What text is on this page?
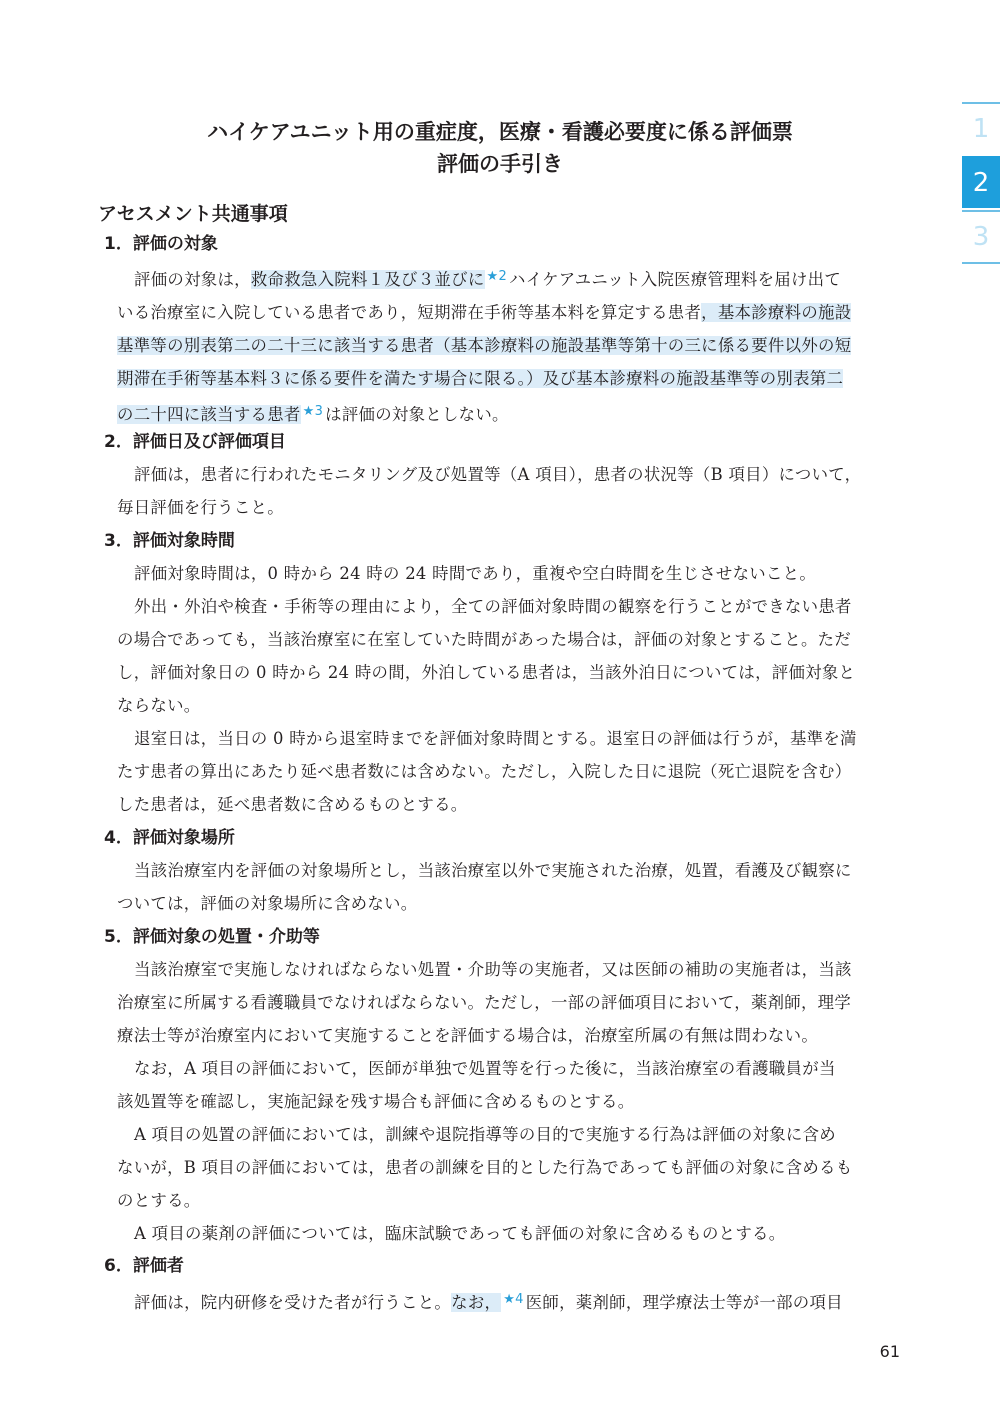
1
2
3
ハイケアユニット用の重症度，医療・看護必要度に係る評価票
評価の手引き
アセスメント共通事項
1．評価の対象
評価の対象は，救命救急入院料１及び３並びに $^{★2}$ ハイケアユニット入院医療管理料を届け出て
いる治療室に入院している患者であり，短期滞在手術等基本料を算定する患者，基本診療料の施設
基準等の別表第二の二十三に該当する患者（基本診療料の施設基準等第十の三に係る要件以外の短
期滞在手術等基本料３に係る要件を満たす場合に限る。）及び基本診療料の施設基準等の別表第二
の二十四に該当する患者 $^{★3}$ は評価の対象としない。
2．評価日及び評価項目
評価は，患者に行われたモニタリング及び処置等（A 項目），患者の状況等（B 項目）について，
毎日評価を行うこと。
3．評価対象時間
評価対象時間は，0 時から 24 時の 24 時間であり，重複や空白時間を生じさせないこと。
外出・外泊や検査・手術等の理由により，全ての評価対象時間の観察を行うことができない患者
の場合であっても，当該治療室に在室していた時間があった場合は，評価の対象とすること。ただ
し，評価対象日の 0 時から 24 時の間，外泊している患者は，当該外泊日については，評価対象と
ならない。
退室日は，当日の 0 時から退室時までを評価対象時間とする。退室日の評価は行うが，基準を満
たす患者の算出にあたり延べ患者数には含めない。ただし，入院した日に退院（死亡退院を含む）
した患者は，延べ患者数に含めるものとする。
4．評価対象場所
当該治療室内を評価の対象場所とし，当該治療室以外で実施された治療，処置，看護及び観察に
ついては，評価の対象場所に含めない。
5．評価対象の処置・介助等
当該治療室で実施しなければならない処置・介助等の実施者，又は医師の補助の実施者は，当該
治療室に所属する看護職員でなければならない。ただし，一部の評価項目において，薬剤師，理学
療法士等が治療室内において実施することを評価する場合は，治療室所属の有無は問わない。
なお，A 項目の評価において，医師が単独で処置等を行った後に，当該治療室の看護職員が当
該処置等を確認し，実施記録を残す場合も評価に含めるものとする。
A 項目の処置の評価においては，訓練や退院指導等の目的で実施する行為は評価の対象に含め
ないが，B 項目の評価においては，患者の訓練を目的とした行為であっても評価の対象に含めるも
のとする。
A 項目の薬剤の評価については，臨床試験であっても評価の対象に含めるものとする。
6．評価者
評価は，院内研修を受けた者が行うこと。なお， $^{★4}$ 医師，薬剤師，理学療法士等が一部の項目
61
